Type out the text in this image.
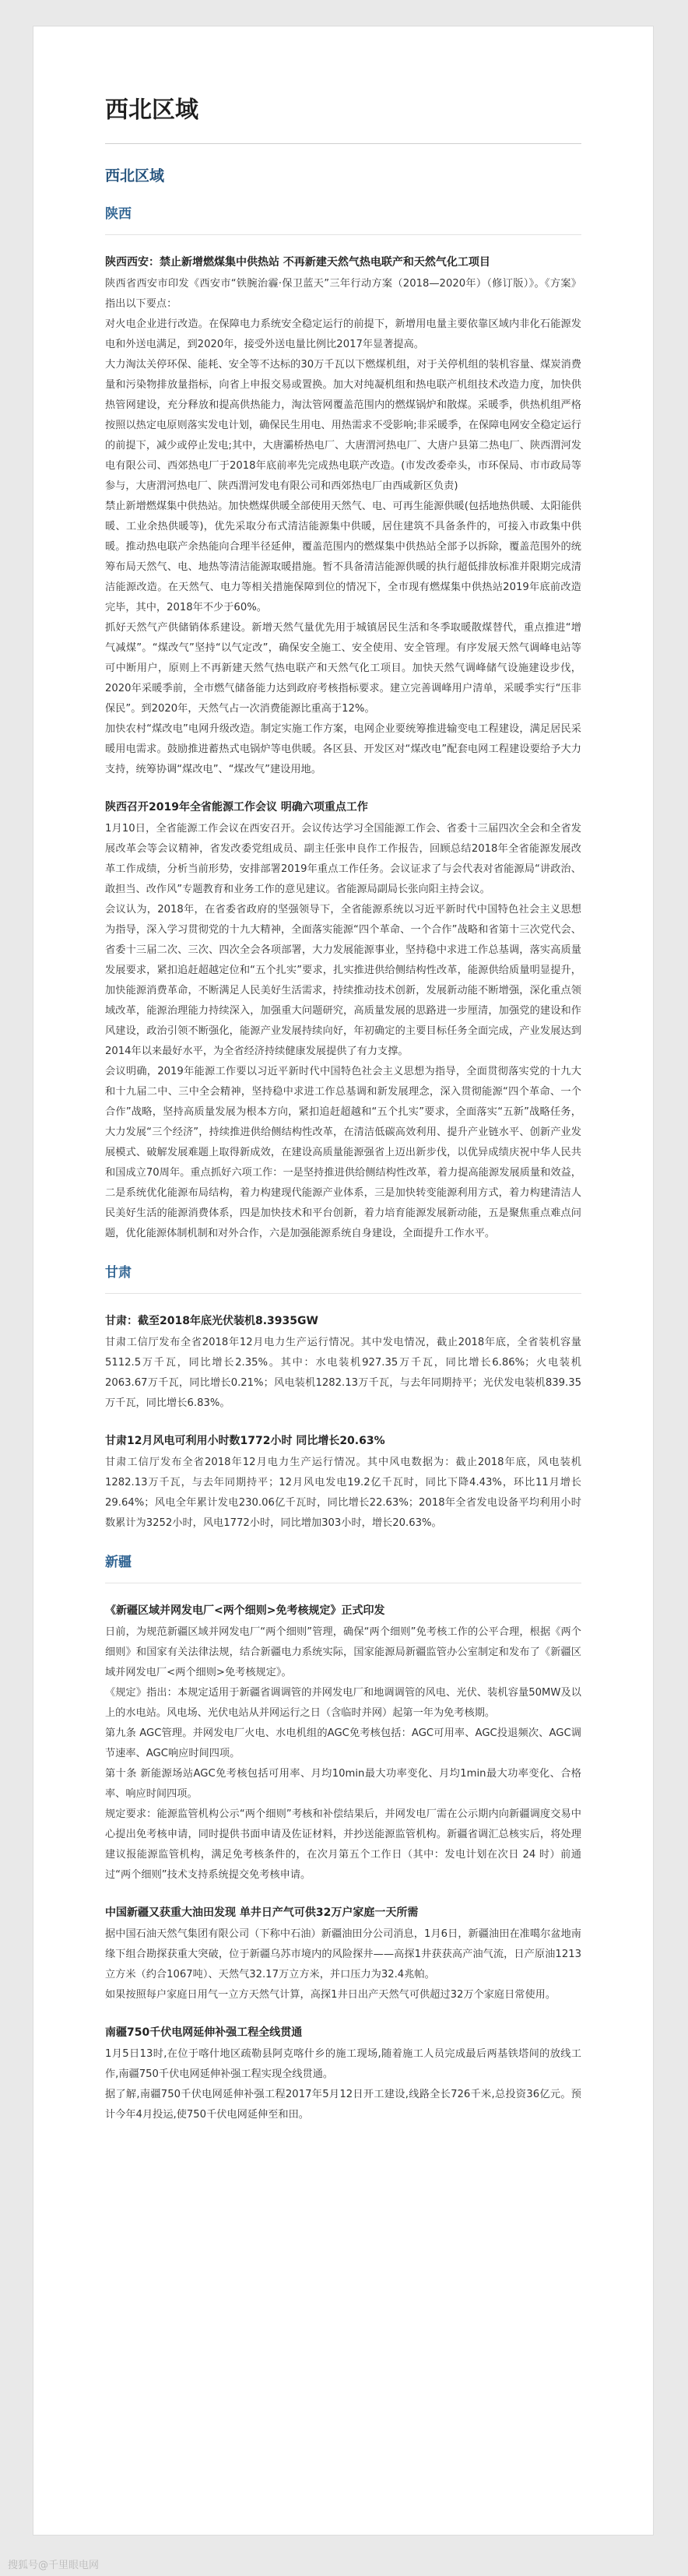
西北区域
西北区域
陕西
陕西西安：禁止新增燃煤集中供热站 不再新建天然气热电联产和天然气化工项目
陕西省西安市印发《西安市“铁腕治霾·保卫蓝天”三年行动方案（2018—2020年）（修订版）》。《方案》指出以下要点：
对火电企业进行改造。在保障电力系统安全稳定运行的前提下，新增用电量主要依靠区域内非化石能源发电和外送电满足，到2020年，接受外送电量比例比2017年显著提高。
大力淘汰关停环保、能耗、安全等不达标的30万千瓦以下燃煤机组，对于关停机组的装机容量、煤炭消费量和污染物排放量指标，向省上申报交易或置换。加大对纯凝机组和热电联产机组技术改造力度，加快供热管网建设，充分释放和提高供热能力，淘汰管网覆盖范围内的燃煤锅炉和散煤。采暖季，供热机组严格按照以热定电原则落实发电计划，确保民生用电、用热需求不受影响;非采暖季，在保障电网安全稳定运行的前提下，减少或停止发电;其中，大唐灞桥热电厂、大唐渭河热电厂、大唐户县第二热电厂、陕西渭河发电有限公司、西郊热电厂于2018年底前率先完成热电联产改造。(市发改委牵头，市环保局、市市政局等参与，大唐渭河热电厂、陕西渭河发电有限公司和西郊热电厂由西咸新区负责)
禁止新增燃煤集中供热站。加快燃煤供暖全部使用天然气、电、可再生能源供暖(包括地热供暖、太阳能供暖、工业余热供暖等)，优先采取分布式清洁能源集中供暖，居住建筑不具备条件的，可接入市政集中供暖。推动热电联产余热能向合理半径延伸，覆盖范围内的燃煤集中供热站全部予以拆除，覆盖范围外的统筹布局天然气、电、地热等清洁能源取暖措施。暂不具备清洁能源供暖的执行超低排放标准并限期完成清洁能源改造。在天然气、电力等相关措施保障到位的情况下，全市现有燃煤集中供热站2019年底前改造完毕，其中，2018年不少于60%。
抓好天然气产供储销体系建设。新增天然气量优先用于城镇居民生活和冬季取暖散煤替代，重点推进“增气减煤”。“煤改气”坚持“以气定改”，确保安全施工、安全使用、安全管理。有序发展天然气调峰电站等可中断用户，原则上不再新建天然气热电联产和天然气化工项目。加快天然气调峰储气设施建设步伐，2020年采暖季前，全市燃气储备能力达到政府考核指标要求。建立完善调峰用户清单，采暖季实行“压非保民”。到2020年，天然气占一次消费能源比重高于12%。
加快农村“煤改电”电网升级改造。制定实施工作方案，电网企业要统筹推进输变电工程建设，满足居民采暖用电需求。鼓励推进蓄热式电锅炉等电供暖。各区县、开发区对“煤改电”配套电网工程建设要给予大力支持，统筹协调“煤改电”、“煤改气”建设用地。
陕西召开2019年全省能源工作会议 明确六项重点工作
1月10日，全省能源工作会议在西安召开。会议传达学习全国能源工作会、省委十三届四次全会和全省发展改革会等会议精神，省发改委党组成员、副主任张申良作工作报告，回顾总结2018年全省能源发展改革工作成绩，分析当前形势，安排部署2019年重点工作任务。会议证求了与会代表对省能源局“讲政治、敢担当、改作风”专题教育和业务工作的意见建议。省能源局副局长张向阳主持会议。
会议认为，2018年，在省委省政府的坚强领导下，全省能源系统以习近平新时代中国特色社会主义思想为指导，深入学习贯彻党的十九大精神，全面落实能源“四个革命、一个合作”战略和省第十三次党代会、省委十三届二次、三次、四次全会各项部署，大力发展能源事业，坚持稳中求进工作总基调，落实高质量发展要求，紧扣追赶超越定位和“五个扎实”要求，扎实推进供给侧结构性改革，能源供给质量明显提升，加快能源消费革命，不断满足人民美好生活需求，持续推动技术创新，发展新动能不断增强，深化重点领域改革，能源治理能力持续深入，加强重大问题研究，高质量发展的思路进一步厘清，加强党的建设和作风建设，政治引领不断强化，能源产业发展持续向好，年初确定的主要目标任务全面完成，产业发展达到2014年以来最好水平，为全省经济持续健康发展提供了有力支撑。
会议明确，2019年能源工作要以习近平新时代中国特色社会主义思想为指导，全面贯彻落实党的十九大和十九届二中、三中全会精神，坚持稳中求进工作总基调和新发展理念，深入贯彻能源“四个革命、一个合作”战略，坚持高质量发展为根本方向，紧扣追赶超越和“五个扎实”要求，全面落实“五新”战略任务，大力发展“三个经济”，持续推进供给侧结构性改革，在清洁低碳高效利用、提升产业链水平、创新产业发展模式、破解发展难题上取得新成效，在建设高质量能源强省上迈出新步伐，以优异成绩庆祝中华人民共和国成立70周年。重点抓好六项工作：一是坚持推进供给侧结构性改革，着力提高能源发展质量和效益，二是系统优化能源布局结构，着力构建现代能源产业体系，三是加快转变能源利用方式，着力构建清洁人民美好生活的能源消费体系，四是加快技术和平台创新，着力培育能源发展新动能，五是聚焦重点难点问题，优化能源体制机制和对外合作，六是加强能源系统自身建设，全面提升工作水平。
甘肃
甘肃：截至2018年底光伏装机8.3935GW
甘肃工信厅发布全省2018年12月电力生产运行情况。其中发电情况，截止2018年底，全省装机容量5112.5万千瓦，同比增长2.35%。其中：水电装机927.35万千瓦，同比增长6.86%；火电装机2063.67万千瓦，同比增长0.21%；风电装机1282.13万千瓦，与去年同期持平；光伏发电装机839.35万千瓦，同比增长6.83%。
甘肃12月风电可利用小时数1772小时 同比增长20.63%
甘肃工信厅发布全省2018年12月电力生产运行情况。其中风电数据为：截止2018年底，风电装机1282.13万千瓦，与去年同期持平；12月风电发电19.2亿千瓦时，同比下降4.43%，环比11月增长29.64%；风电全年累计发电230.06亿千瓦时，同比增长22.63%；2018年全省发电设备平均利用小时数累计为3252小时，风电1772小时，同比增加303小时，增长20.63%。
新疆
《新疆区域并网发电厂<两个细则>免考核规定》正式印发
日前，为规范新疆区域并网发电厂“两个细则”管理，确保“两个细则”免考核工作的公平合理，根据《两个细则》和国家有关法律法规，结合新疆电力系统实际，国家能源局新疆监管办公室制定和发布了《新疆区域并网发电厂<两个细则>免考核规定》。
《规定》指出：本规定适用于新疆省调调管的并网发电厂和地调调管的风电、光伏、装机容量50MW及以上的水电站。风电场、光伏电站从并网运行之日（含临时并网）起第一年为免考核期。
第九条 AGC管理。并网发电厂火电、水电机组的AGC免考核包括：AGC可用率、AGC投退频次、AGC调节速率、AGC响应时间四项。
第十条 新能源场站AGC免考核包括可用率、月均10min最大功率变化、月均1min最大功率变化、合格率、响应时间四项。
规定要求：能源监管机构公示“两个细则”考核和补偿结果后，并网发电厂需在公示期内向新疆调度交易中心提出免考核申请，同时提供书面申请及佐证材料，并抄送能源监管机构。新疆省调汇总核实后，将处理建议报能源监管机构，满足免考核条件的，在次月第五个工作日（其中：发电计划在次日 24 时）前通过“两个细则”技术支持系统提交免考核申请。
中国新疆又获重大油田发现 单井日产气可供32万户家庭一天所需
据中国石油天然气集团有限公司（下称中石油）新疆油田分公司消息，1月6日，新疆油田在准噶尔盆地南缘下组合勘探获重大突破，位于新疆乌苏市境内的风险探井——高探1井获获高产油气流，日产原油1213立方米（约合1067吨）、天然气32.17万立方米，并口压力为32.4兆帕。
如果按照每户家庭日用气一立方天然气计算，高探1井日出产天然气可供超过32万个家庭日常使用。
南疆750千伏电网延伸补强工程全线贯通
1月5日13时,在位于喀什地区疏勒县阿克喀什乡的施工现场,随着施工人员完成最后两基铁塔间的放线工作,南疆750千伏电网延伸补强工程实现全线贯通。
据了解,南疆750千伏电网延伸补强工程2017年5月12日开工建设,线路全长726千米,总投资36亿元。预计今年4月投运,使750千伏电网延伸至和田。
搜狐号@千里眼电网
